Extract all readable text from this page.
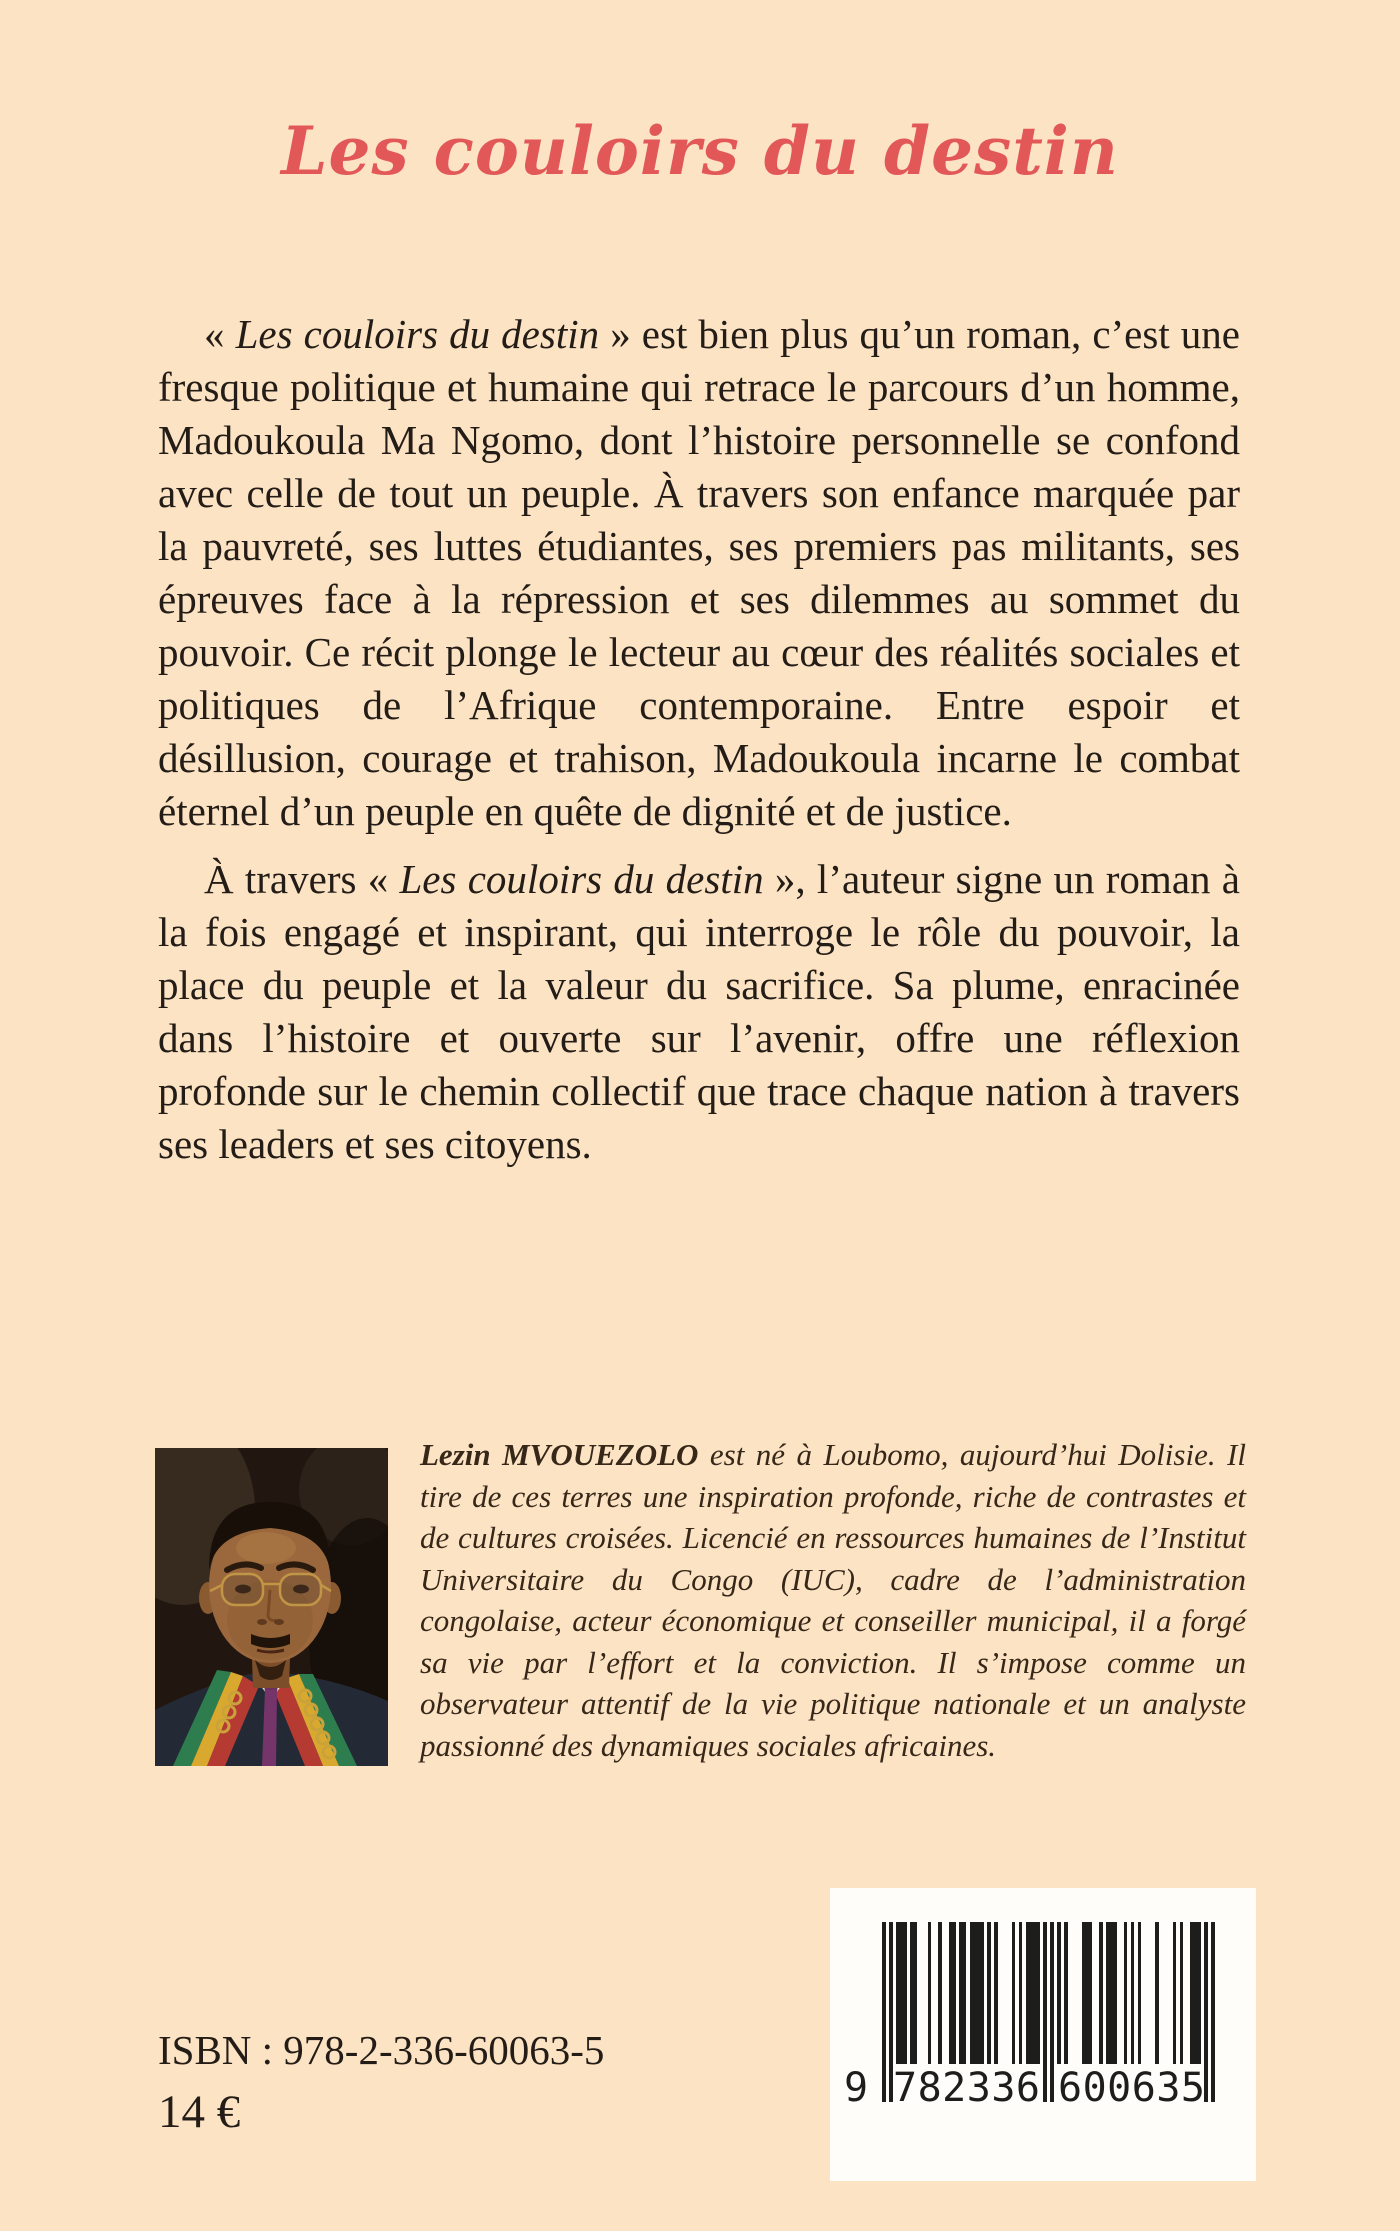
Les couloirs du destin

« Les couloirs du destin » est bien plus qu’un roman, c’est une fresque politique et humaine qui retrace le parcours d’un homme, Madoukoula Ma Ngomo, dont l’histoire personnelle se confond avec celle de tout un peuple. À travers son enfance marquée par la pauvreté, ses luttes étudiantes, ses premiers pas militants, ses épreuves face à la répression et ses dilemmes au sommet du pouvoir. Ce récit plonge le lecteur au cœur des réalités sociales et politiques de l’Afrique contemporaine. Entre espoir et désillusion, courage et trahison, Madoukoula incarne le combat éternel d’un peuple en quête de dignité et de justice.

À travers « Les couloirs du destin », l’auteur signe un roman à la fois engagé et inspirant, qui interroge le rôle du pouvoir, la place du peuple et la valeur du sacrifice. Sa plume, enracinée dans l’histoire et ouverte sur l’avenir, offre une réflexion profonde sur le chemin collectif que trace chaque nation à travers ses leaders et ses citoyens.

Lezin MVOUEZOLO est né à Loubomo, aujourd’hui Dolisie. Il tire de ces terres une inspiration profonde, riche de contrastes et de cultures croisées. Licencié en ressources humaines de l’Institut Universitaire du Congo (IUC), cadre de l’administration congolaise, acteur économique et conseiller municipal, il a forgé sa vie par l’effort et la conviction. Il s’impose comme un observateur attentif de la vie politique nationale et un analyste passionné des dynamiques sociales africaines.

ISBN : 978-2-336-60063-5
14 €	9 7 8 2 3 3 6 6 0 0 6 3 5
